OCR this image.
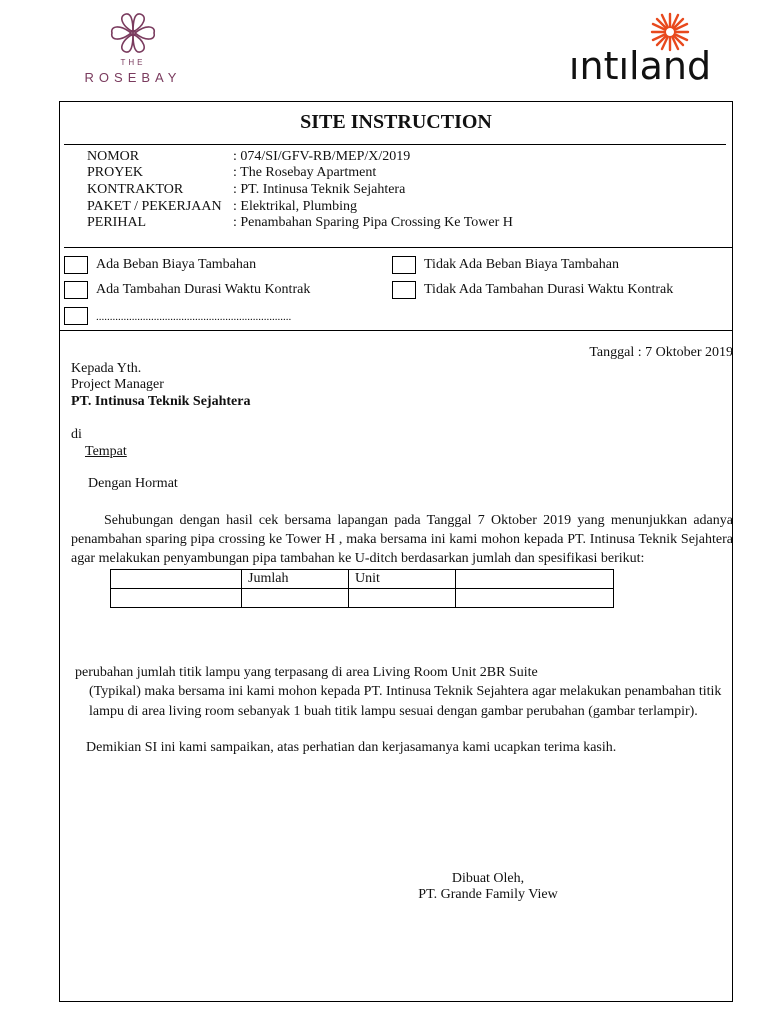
THE
ROSEBAY	ıntıland
SITE INSTRUCTION
NOMOR	: 074/SI/GFV-RB/MEP/X/2019
PROYEK	: The Rosebay Apartment
KONTRAKTOR	: PT. Intinusa Teknik Sejahtera
PAKET / PEKERJAAN : Elektrikal, Plumbing
PERIHAL	: Penambahan Sparing Pipa Crossing Ke Tower H
Ada Beban Biaya Tambahan	Tidak Ada Beban Biaya Tambahan
Ada Tambahan Durasi Waktu Kontrak	Tidak Ada Tambahan Durasi Waktu Kontrak
.......................................................................
Tanggal : 7 Oktober 2019
Kepada Yth.
Project Manager
PT. Intinusa Teknik Sejahtera
di
Tempat
Dengan Hormat
Sehubungan dengan hasil cek bersama lapangan pada Tanggal 7 Oktober 2019 yang menunjukkan adanya penambahan sparing pipa crossing ke Tower H , maka bersama ini kami mohon kepada PT. Intinusa Teknik Sejahtera agar melakukan penyambungan pipa tambahan ke U-ditch berdasarkan jumlah dan spesifikasi berikut:
	Jumlah	Unit	

perubahan jumlah titik lampu yang terpasang di area Living Room Unit 2BR Suite
(Typikal) maka bersama ini kami mohon kepada PT. Intinusa Teknik Sejahtera agar melakukan penambahan titik
lampu di area living room sebanyak 1 buah titik lampu sesuai dengan gambar perubahan (gambar terlampir).
Demikian SI ini kami sampaikan, atas perhatian dan kerjasamanya kami ucapkan terima kasih.
Dibuat Oleh,
PT. Grande Family View
